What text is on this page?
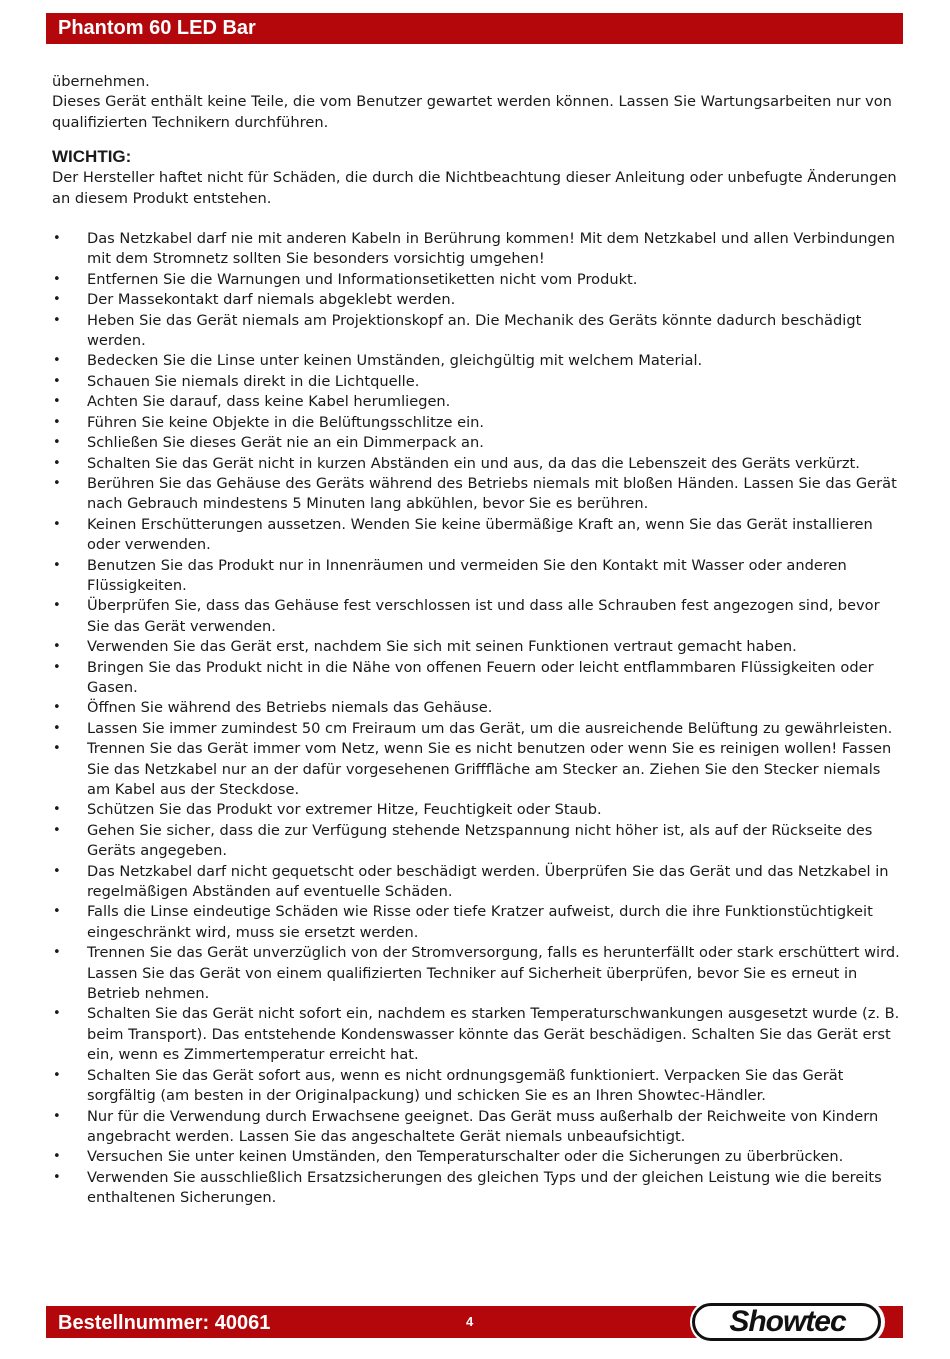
Phantom 60 LED Bar

übernehmen.

Dieses Gerät enthält keine Teile, die vom Benutzer gewartet werden können. Lassen Sie Wartungsarbeiten nur von qualifizierten Technikern durchführen.

WICHTIG:

Der Hersteller haftet nicht für Schäden, die durch die Nichtbeachtung dieser Anleitung oder unbefugte Änderungen an diesem Produkt entstehen.

• Das Netzkabel darf nie mit anderen Kabeln in Berührung kommen! Mit dem Netzkabel und allen Verbindungen mit dem Stromnetz sollten Sie besonders vorsichtig umgehen!
• Entfernen Sie die Warnungen und Informationsetiketten nicht vom Produkt.
• Der Massekontakt darf niemals abgeklebt werden.
• Heben Sie das Gerät niemals am Projektionskopf an. Die Mechanik des Geräts könnte dadurch beschädigt werden.
• Bedecken Sie die Linse unter keinen Umständen, gleichgültig mit welchem Material.
• Schauen Sie niemals direkt in die Lichtquelle.
• Achten Sie darauf, dass keine Kabel herumliegen.
• Führen Sie keine Objekte in die Belüftungsschlitze ein.
• Schließen Sie dieses Gerät nie an ein Dimmerpack an.
• Schalten Sie das Gerät nicht in kurzen Abständen ein und aus, da das die Lebenszeit des Geräts verkürzt.
• Berühren Sie das Gehäuse des Geräts während des Betriebs niemals mit bloßen Händen. Lassen Sie das Gerät nach Gebrauch mindestens 5 Minuten lang abkühlen, bevor Sie es berühren.
• Keinen Erschütterungen aussetzen. Wenden Sie keine übermäßige Kraft an, wenn Sie das Gerät installieren oder verwenden.
• Benutzen Sie das Produkt nur in Innenräumen und vermeiden Sie den Kontakt mit Wasser oder anderen Flüssigkeiten.
• Überprüfen Sie, dass das Gehäuse fest verschlossen ist und dass alle Schrauben fest angezogen sind, bevor Sie das Gerät verwenden.
• Verwenden Sie das Gerät erst, nachdem Sie sich mit seinen Funktionen vertraut gemacht haben.
• Bringen Sie das Produkt nicht in die Nähe von offenen Feuern oder leicht entflammbaren Flüssigkeiten oder Gasen.
• Öffnen Sie während des Betriebs niemals das Gehäuse.
• Lassen Sie immer zumindest 50 cm Freiraum um das Gerät, um die ausreichende Belüftung zu gewährleisten.
• Trennen Sie das Gerät immer vom Netz, wenn Sie es nicht benutzen oder wenn Sie es reinigen wollen! Fassen Sie das Netzkabel nur an der dafür vorgesehenen Grifffläche am Stecker an. Ziehen Sie den Stecker niemals am Kabel aus der Steckdose.
• Schützen Sie das Produkt vor extremer Hitze, Feuchtigkeit oder Staub.
• Gehen Sie sicher, dass die zur Verfügung stehende Netzspannung nicht höher ist, als auf der Rückseite des Geräts angegeben.
• Das Netzkabel darf nicht gequetscht oder beschädigt werden. Überprüfen Sie das Gerät und das Netzkabel in regelmäßigen Abständen auf eventuelle Schäden.
• Falls die Linse eindeutige Schäden wie Risse oder tiefe Kratzer aufweist, durch die ihre Funktionstüchtigkeit eingeschränkt wird, muss sie ersetzt werden.
• Trennen Sie das Gerät unverzüglich von der Stromversorgung, falls es herunterfällt oder stark erschüttert wird. Lassen Sie das Gerät von einem qualifizierten Techniker auf Sicherheit überprüfen, bevor Sie es erneut in Betrieb nehmen.
• Schalten Sie das Gerät nicht sofort ein, nachdem es starken Temperaturschwankungen ausgesetzt wurde (z. B. beim Transport). Das entstehende Kondenswasser könnte das Gerät beschädigen. Schalten Sie das Gerät erst ein, wenn es Zimmertemperatur erreicht hat.
• Schalten Sie das Gerät sofort aus, wenn es nicht ordnungsgemäß funktioniert. Verpacken Sie das Gerät sorgfältig (am besten in der Originalpackung) und schicken Sie es an Ihren Showtec-Händler.
• Nur für die Verwendung durch Erwachsene geeignet. Das Gerät muss außerhalb der Reichweite von Kindern angebracht werden. Lassen Sie das angeschaltete Gerät niemals unbeaufsichtigt.
• Versuchen Sie unter keinen Umständen, den Temperaturschalter oder die Sicherungen zu überbrücken.
• Verwenden Sie ausschließlich Ersatzsicherungen des gleichen Typs und der gleichen Leistung wie die bereits enthaltenen Sicherungen.
Bestellnummer: 40061	4	Showtec
